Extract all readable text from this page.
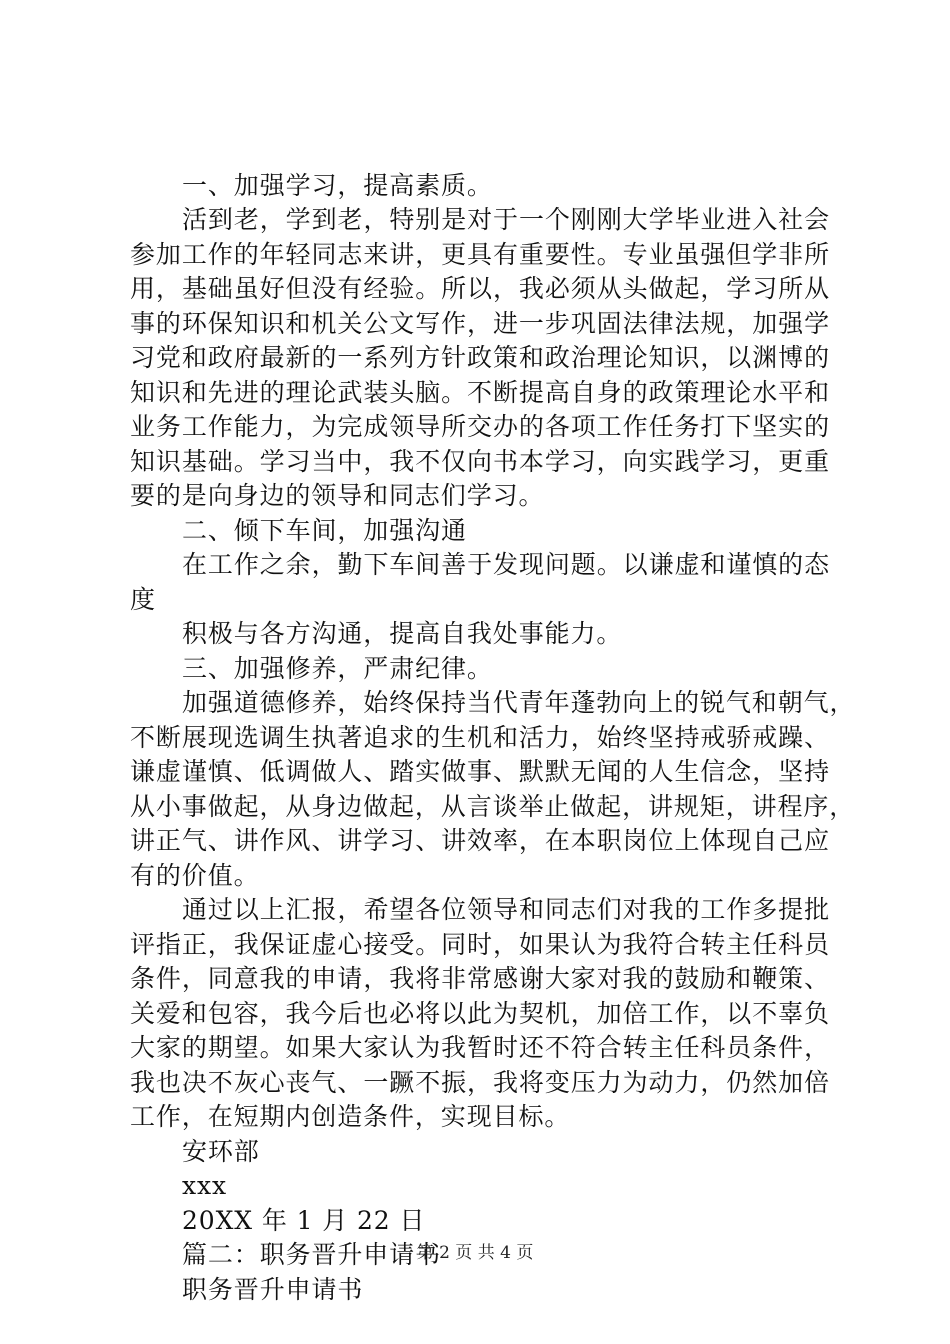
一、加强学习，提高素质。
活到老，学到老，特别是对于一个刚刚大学毕业进入社会
参加工作的年轻同志来讲，更具有重要性。专业虽强但学非所
用，基础虽好但没有经验。所以，我必须从头做起，学习所从
事的环保知识和机关公文写作，进一步巩固法律法规，加强学
习党和政府最新的一系列方针政策和政治理论知识，以渊博的
知识和先进的理论武装头脑。不断提高自身的政策理论水平和
业务工作能力，为完成领导所交办的各项工作任务打下坚实的
知识基础。学习当中，我不仅向书本学习，向实践学习，更重
要的是向身边的领导和同志们学习。
二、倾下车间，加强沟通
在工作之余，勤下车间善于发现问题。以谦虚和谨慎的态
度
积极与各方沟通，提高自我处事能力。
三、加强修养，严肃纪律。
加强道德修养，始终保持当代青年蓬勃向上的锐气和朝气，
不断展现选调生执著追求的生机和活力，始终坚持戒骄戒躁、
谦虚谨慎、低调做人、踏实做事、默默无闻的人生信念，坚持
从小事做起，从身边做起，从言谈举止做起，讲规矩，讲程序，
讲正气、讲作风、讲学习、讲效率，在本职岗位上体现自己应
有的价值。
通过以上汇报，希望各位领导和同志们对我的工作多提批
评指正，我保证虚心接受。同时，如果认为我符合转主任科员
条件，同意我的申请，我将非常感谢大家对我的鼓励和鞭策、
关爱和包容，我今后也必将以此为契机，加倍工作，以不辜负
大家的期望。如果大家认为我暂时还不符合转主任科员条件，
我也决不灰心丧气、一蹶不振，我将变压力为动力，仍然加倍
工作，在短期内创造条件，实现目标。
安环部
xxx
20XX 年 1 月 22 日
篇二：职务晋升申请书
职务晋升申请书
第 2 页 共 4 页
